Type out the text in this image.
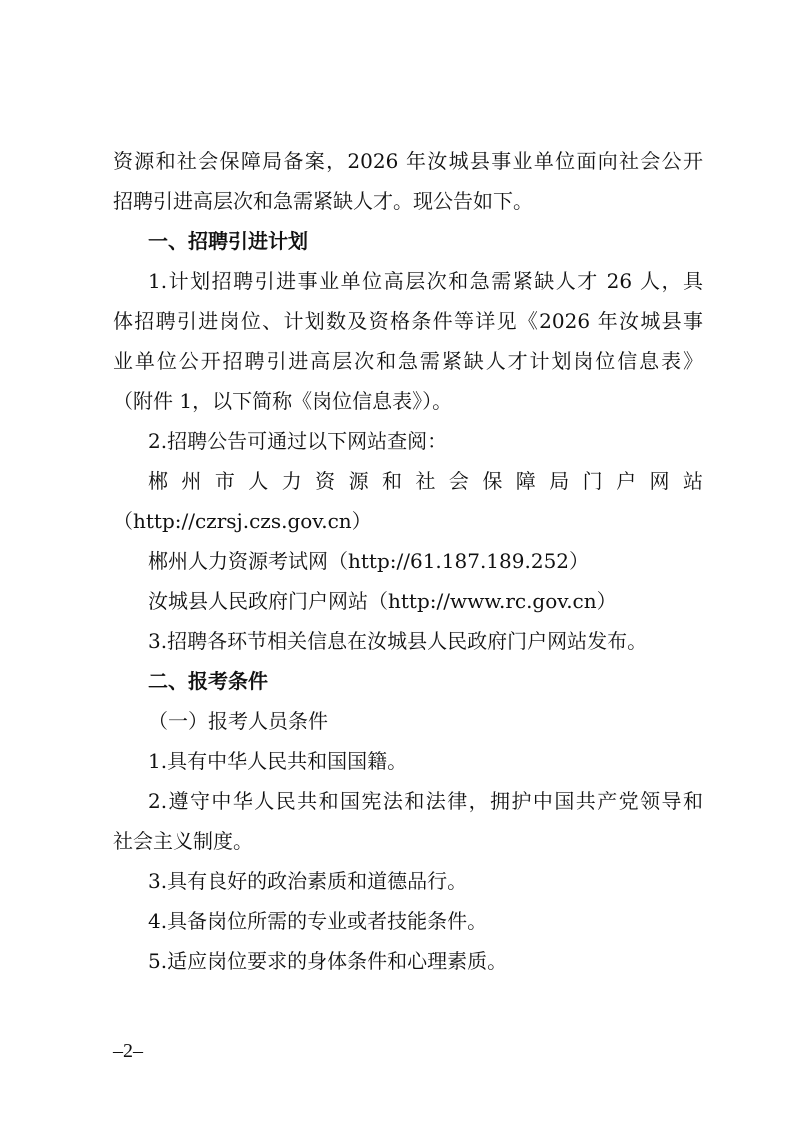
资源和社会保障局备案，2026 年汝城县事业单位面向社会公开
招聘引进高层次和急需紧缺人才。现公告如下。
一、招聘引进计划
1.计划招聘引进事业单位高层次和急需紧缺人才 26 人，具
体招聘引进岗位、计划数及资格条件等详见《2026 年汝城县事
业单位公开招聘引进高层次和急需紧缺人才计划岗位信息表》
（附件 1，以下简称《岗位信息表》）。
2.招聘公告可通过以下网站查阅：
郴州市人力资源和社会保障局门户网站
（http://czrsj.czs.gov.cn）
郴州人力资源考试网（http://61.187.189.252）
汝城县人民政府门户网站（http://www.rc.gov.cn）
3.招聘各环节相关信息在汝城县人民政府门户网站发布。
二、报考条件
（一）报考人员条件
1.具有中华人民共和国国籍。
2.遵守中华人民共和国宪法和法律，拥护中国共产党领导和
社会主义制度。
3.具有良好的政治素质和道德品行。
4.具备岗位所需的专业或者技能条件。
5.适应岗位要求的身体条件和心理素质。
–2–
